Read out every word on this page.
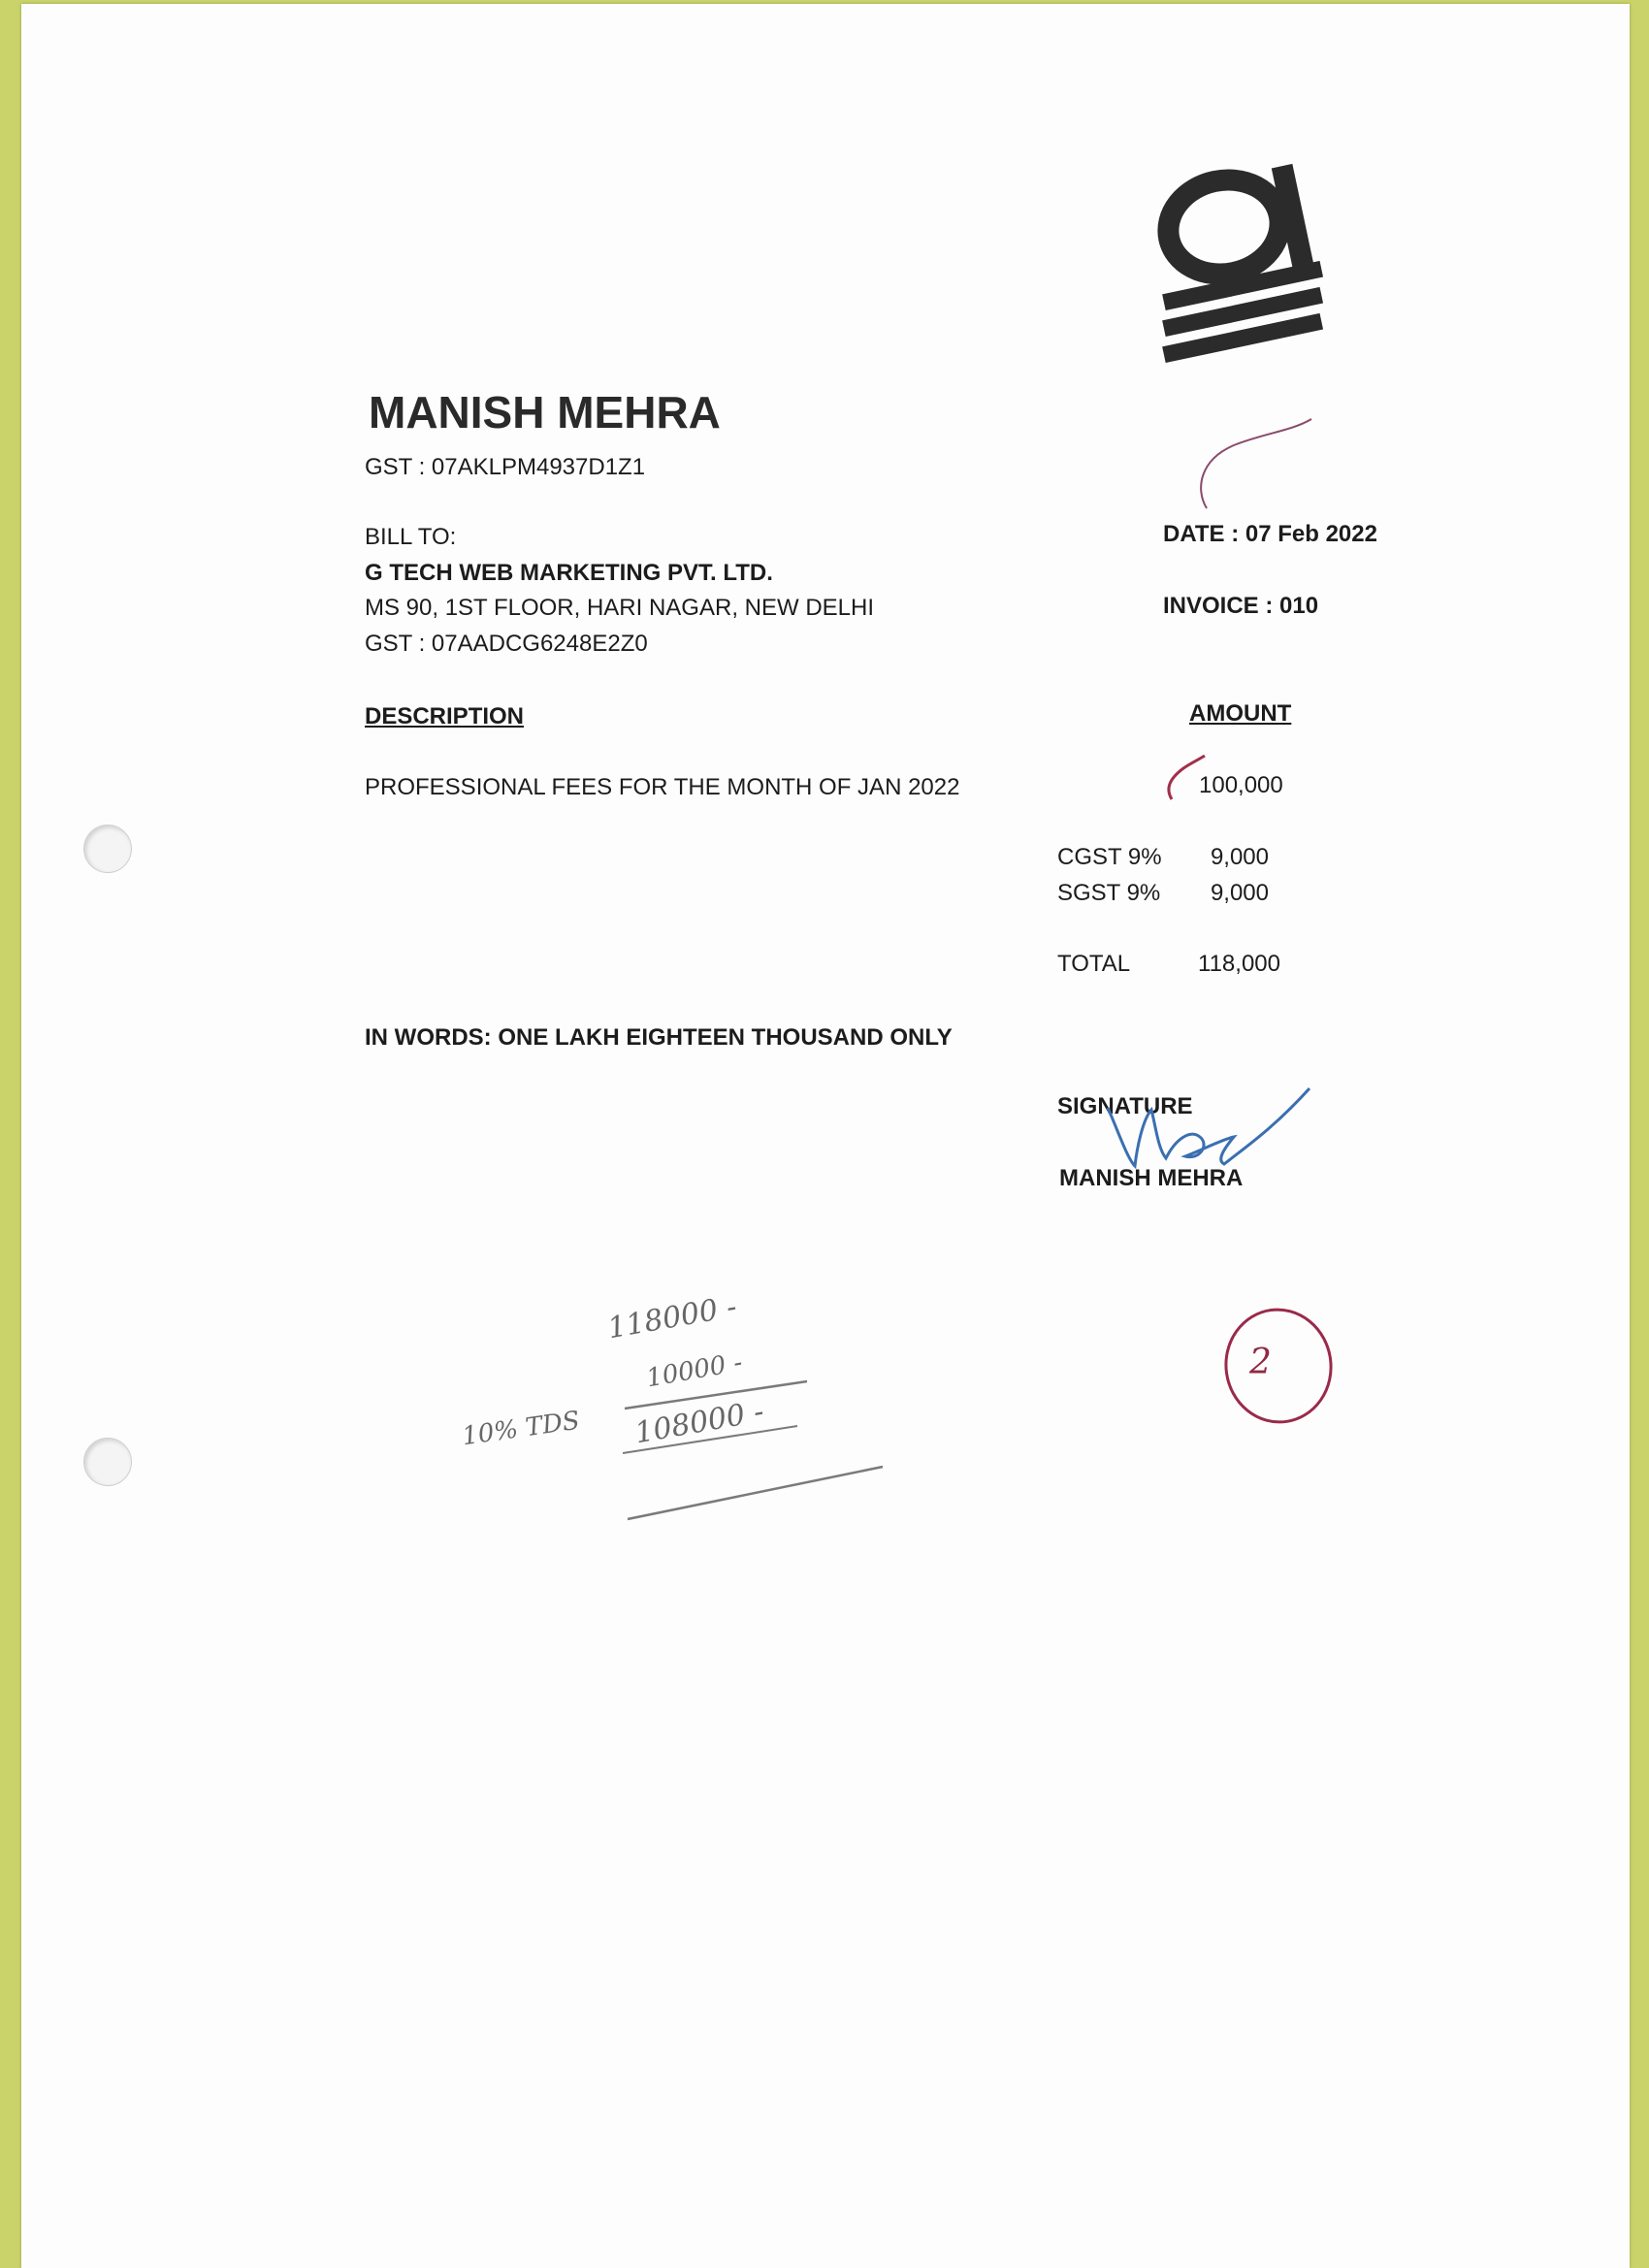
MANISH MEHRA

GST : 07AKLPM4937D1Z1

BILL TO:

G TECH WEB MARKETING PVT. LTD.

MS 90, 1ST FLOOR, HARI NAGAR, NEW DELHI

GST : 07AADCG6248E2Z0

DATE : 07 Feb 2022

INVOICE : 010

DESCRIPTION	AMOUNT

PROFESSIONAL FEES FOR THE MONTH OF JAN 2022	100,000

CGST 9%	9,000

SGST 9%	9,000

TOTAL	118,000

IN WORDS: ONE LAKH EIGHTEEN THOUSAND ONLY

SIGNATURE

MANISH MEHRA

118000 -

10000 -

108000 -

10% TDS

2
